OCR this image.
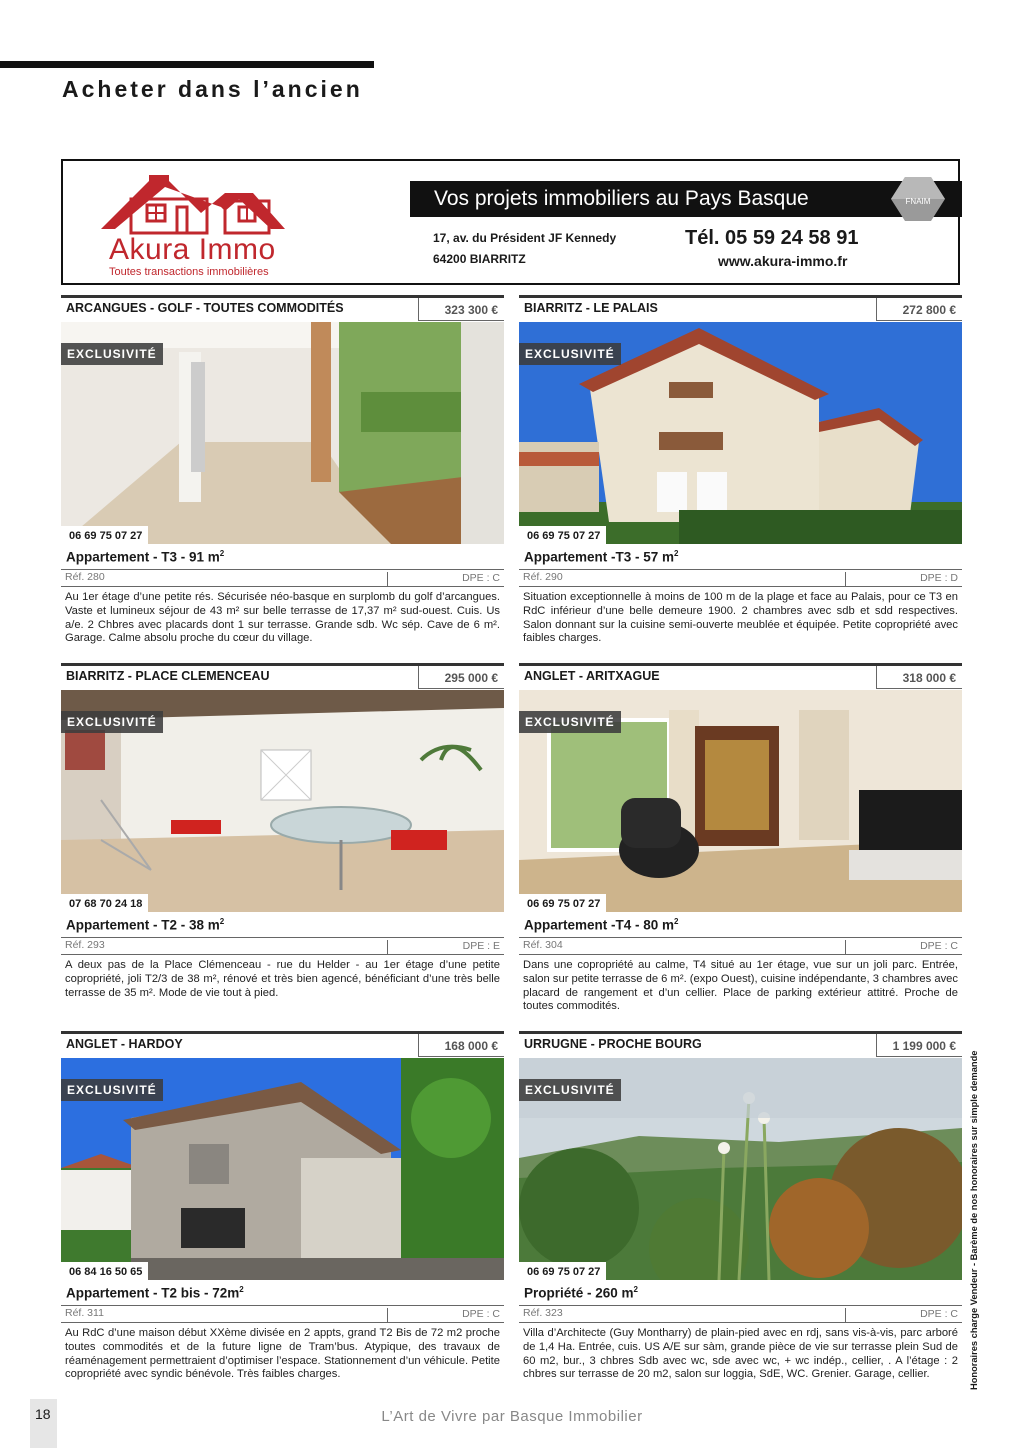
Acheter dans l’ancien
Akura Immo
Toutes transactions immobilières
Vos projets immobiliers au Pays Basque	FNAIM
17, av. du Président JF Kennedy
64200 BIARRITZ
Tél. 05 59 24 58 91
www.akura-immo.fr
ARCANGUES - GOLF - TOUTES COMMODITÉS	323 300 €
EXCLUSIVITÉ
06 69 75 07 27
Appartement - T3 - 91 $m^2$
Réf. 280	DPE : C

Au 1er étage d’une petite rés. Sécurisée néo-basque en surplomb du golf d’arcangues. Vaste et lumineux séjour de 43 m² sur belle terrasse de 17,37 m² sud-ouest. Cuis. Us a/e. 2 Chbres avec placards dont 1 sur terrasse. Grande sdb. Wc sép. Cave de 6 m². Garage. Calme absolu proche du cœur du village.

BIARRITZ - LE PALAIS	272 800 €
EXCLUSIVITÉ
06 69 75 07 27
Appartement -T3 - 57 $m^2$
Réf. 290	DPE : D

Situation exceptionnelle à moins de 100 m de la plage et face au Palais, pour ce T3 en RdC inférieur d’une belle demeure 1900. 2 chambres avec sdb et sdd respectives. Salon donnant sur la cuisine semi-ouverte meublée et équipée. Petite copropriété avec faibles charges.

BIARRITZ - PLACE CLEMENCEAU	295 000 €
EXCLUSIVITÉ
07 68 70 24 18
Appartement - T2 - 38 $m^2$
Réf. 293	DPE : E

A deux pas de la Place Clémenceau - rue du Helder - au 1er étage d’une petite copropriété, joli T2/3 de 38 m², rénové et très bien agencé, bénéficiant d’une très belle terrasse de 35 m². Mode de vie tout à pied.

ANGLET - ARITXAGUE	318 000 €
EXCLUSIVITÉ
06 69 75 07 27
Appartement -T4 - 80 $m^2$
Réf. 304	DPE : C

Dans une copropriété au calme, T4 situé au 1er étage, vue sur un joli parc. Entrée, salon sur petite terrasse de 6 m². (expo Ouest), cuisine indépendante, 3 chambres avec placard de rangement et d’un cellier. Place de parking extérieur attitré. Proche de toutes commodités.

ANGLET - HARDOY	168 000 €
EXCLUSIVITÉ
06 84 16 50 65
Appartement - T2 bis - $72m^2$
Réf. 311	DPE : C

Au RdC d’une maison début XXème divisée en 2 appts, grand T2 Bis de 72 m2 proche toutes commodités et de la future ligne de Tram’bus. Atypique, des travaux de réaménagement permettraient d’optimiser l’espace. Stationnement d’un véhicule. Petite copropriété avec syndic bénévole. Très faibles charges.

URRUGNE - PROCHE BOURG	1 199 000 €
EXCLUSIVITÉ
06 69 75 07 27
Propriété - 260 $m^2$
Réf. 323	DPE : C

Villa d’Architecte (Guy Montharry) de plain-pied avec en rdj, sans vis-à-vis, parc arboré de 1,4 Ha. Entrée, cuis. US A/E sur sàm, grande pièce de vie sur terrasse plein Sud de 60 m2, bur., 3 chbres Sdb avec wc, sde avec wc, + wc indép., cellier, . A l’étage : 2 chbres sur terrasse de 20 m2, salon sur loggia, SdE, WC. Grenier. Garage, cellier.	Honoraires charge Vendeur - Barème de nos honoraires sur simple demande
18	L’Art de Vivre par Basque Immobilier
